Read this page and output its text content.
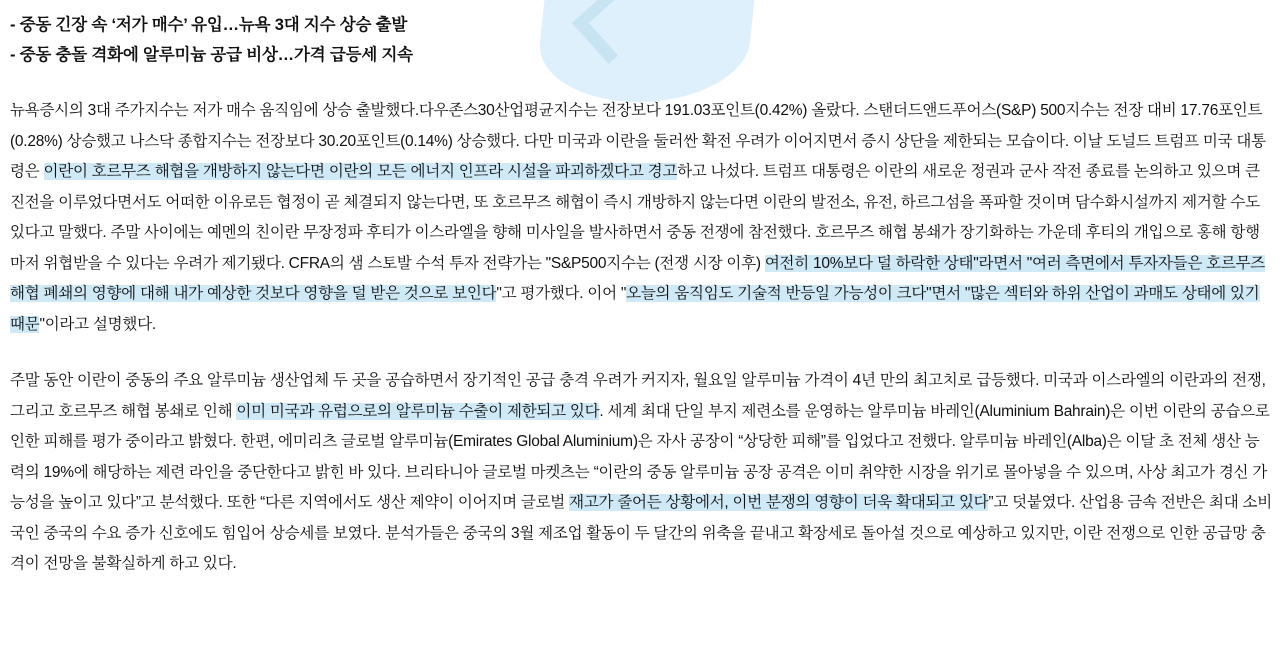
- 중동 긴장 속 ‘저가 매수’ 유입…뉴욕 3대 지수 상승 출발
- 중동 충돌 격화에 알루미늄 공급 비상…가격 급등세 지속

뉴욕증시의 3대 주가지수는 저가 매수 움직임에 상승 출발했다.다우존스30산업평균지수는 전장보다 191.03포인트(0.42%) 올랐다. 스탠더드앤드푸어스(S&P) 500지수는 전장 대비 17.76포인트(0.28%) 상승했고 나스닥 종합지수는 전장보다 30.20포인트(0.14%) 상승했다. 다만 미국과 이란을 둘러싼 확전 우려가 이어지면서 증시 상단을 제한되는 모습이다. 이날 도널드 트럼프 미국 대통령은 이란이 호르무즈 해협을 개방하지 않는다면 이란의 모든 에너지 인프라 시설을 파괴하겠다고 경고하고 나섰다. 트럼프 대통령은 이란의 새로운 정권과 군사 작전 종료를 논의하고 있으며 큰 진전을 이루었다면서도 어떠한 이유로든 협정이 곧 체결되지 않는다면, 또 호르무즈 해협이 즉시 개방하지 않는다면 이란의 발전소, 유전, 하르그섬을 폭파할 것이며 담수화시설까지 제거할 수도 있다고 말했다. 주말 사이에는 예멘의 친이란 무장정파 후티가 이스라엘을 향해 미사일을 발사하면서 중동 전쟁에 참전했다. 호르무즈 해협 봉쇄가 장기화하는 가운데 후티의 개입으로 홍해 항행마저 위협받을 수 있다는 우려가 제기됐다. CFRA의 샘 스토발 수석 투자 전략가는 "S&P500지수는 (전쟁 시장 이후) 여전히 10%보다 덜 하락한 상태"라면서 "여러 측면에서 투자자들은 호르무즈 해협 폐쇄의 영향에 대해 내가 예상한 것보다 영향을 덜 받은 것으로 보인다"고 평가했다. 이어 "오늘의 움직임도 기술적 반등일 가능성이 크다"면서 "많은 섹터와 하위 산업이 과매도 상태에 있기 때문"이라고 설명했다.

주말 동안 이란이 중동의 주요 알루미늄 생산업체 두 곳을 공습하면서 장기적인 공급 충격 우려가 커지자, 월요일 알루미늄 가격이 4년 만의 최고치로 급등했다. 미국과 이스라엘의 이란과의 전쟁, 그리고 호르무즈 해협 봉쇄로 인해 이미 미국과 유럽으로의 알루미늄 수출이 제한되고 있다. 세계 최대 단일 부지 제련소를 운영하는 알루미늄 바레인(Aluminium Bahrain)은 이번 이란의 공습으로 인한 피해를 평가 중이라고 밝혔다. 한편, 에미리츠 글로벌 알루미늄(Emirates Global Aluminium)은 자사 공장이 “상당한 피해”를 입었다고 전했다. 알루미늄 바레인(Alba)은 이달 초 전체 생산 능력의 19%에 해당하는 제련 라인을 중단한다고 밝힌 바 있다. 브리타니아 글로벌 마켓츠는 “이란의 중동 알루미늄 공장 공격은 이미 취약한 시장을 위기로 몰아넣을 수 있으며, 사상 최고가 경신 가능성을 높이고 있다”고 분석했다. 또한 “다른 지역에서도 생산 제약이 이어지며 글로벌 재고가 줄어든 상황에서, 이번 분쟁의 영향이 더욱 확대되고 있다”고 덧붙였다. 산업용 금속 전반은 최대 소비국인 중국의 수요 증가 신호에도 힘입어 상승세를 보였다. 분석가들은 중국의 3월 제조업 활동이 두 달간의 위축을 끝내고 확장세로 돌아설 것으로 예상하고 있지만, 이란 전쟁으로 인한 공급망 충격이 전망을 불확실하게 하고 있다.
